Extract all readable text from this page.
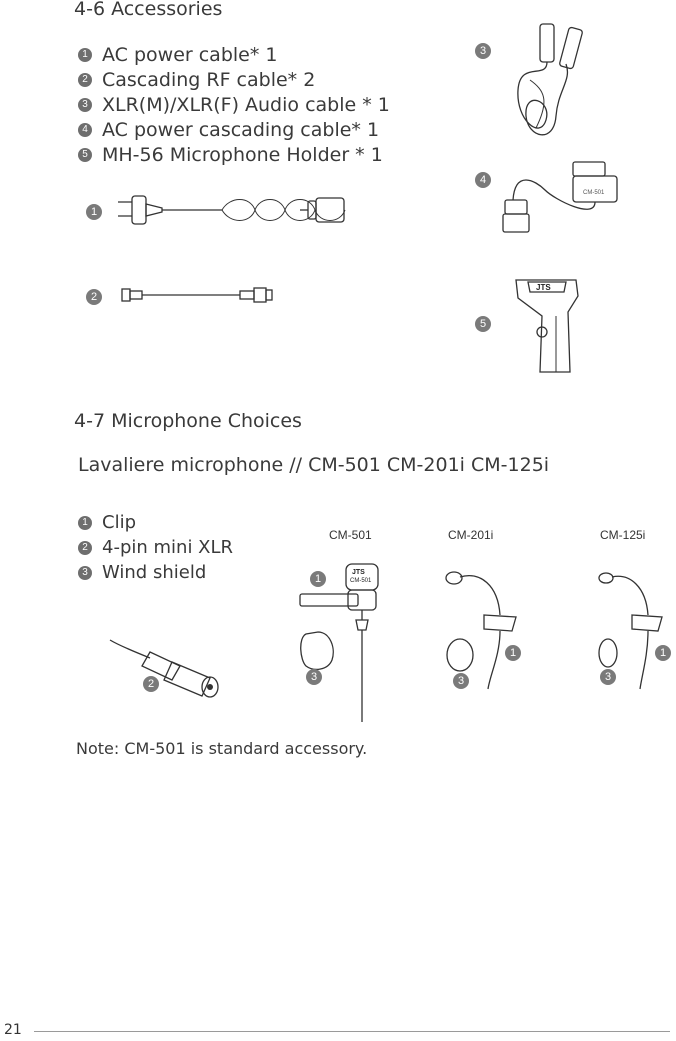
4-6 Accessories
1 AC power cable* 1
2 Cascading RF cable* 2
3 XLR(M)/XLR(F) Audio cable * 1
4 AC power cascading cable* 1
5 MH-56 Microphone Holder * 1
1
2
3
4
5
CM-501
JTS
4-7 Microphone Choices
Lavaliere microphone // CM-501 CM-201i CM-125i
1 Clip
2 4-pin mini XLR
3 Wind shield
CM-501	CM-201i	CM-125i
2
JTS
CM-501
1
3
1
3
1
3
Note: CM-501 is standard accessory.
21
